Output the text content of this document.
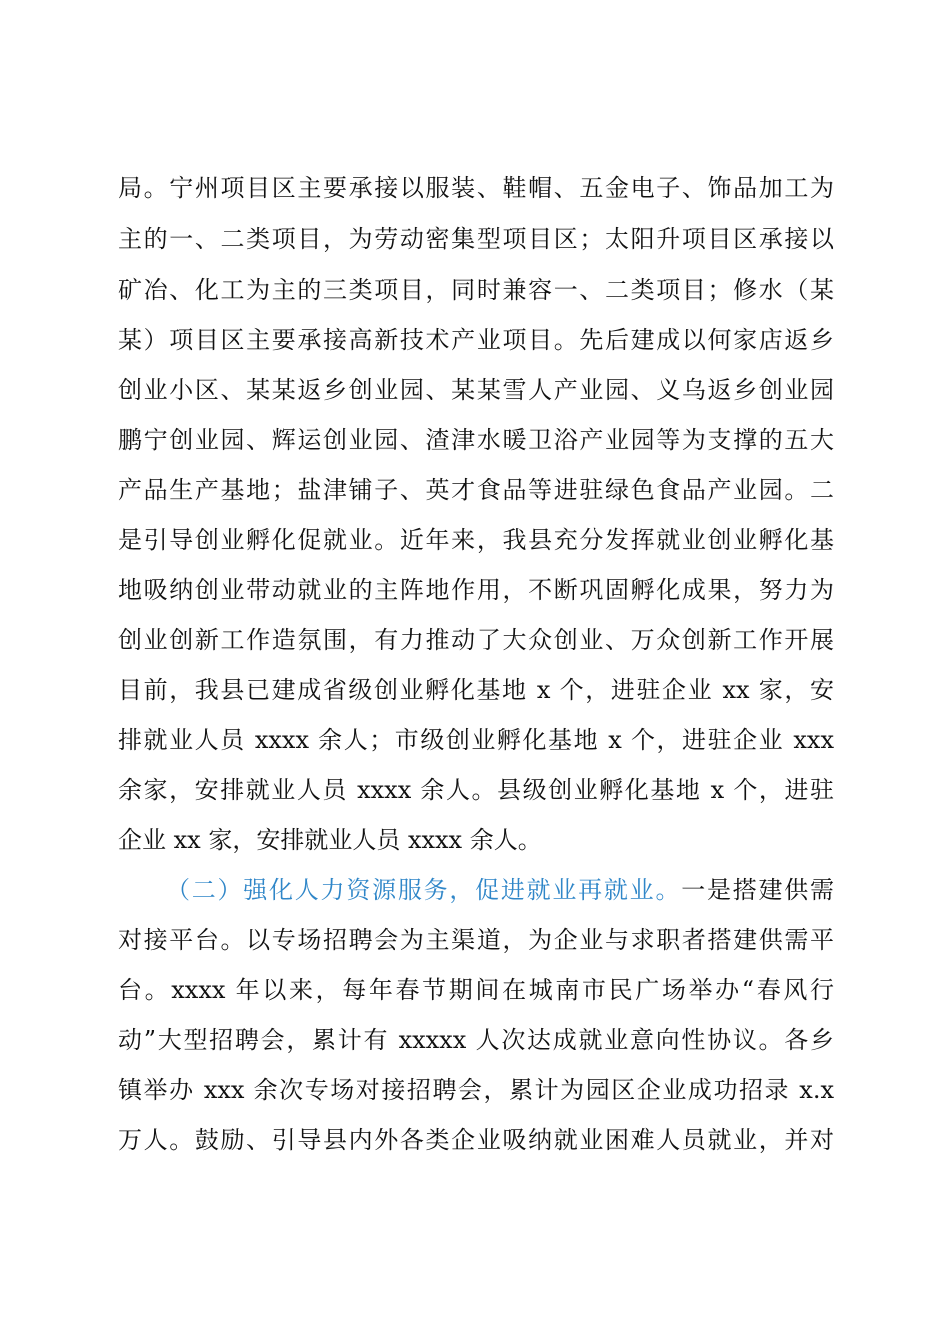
局。宁州项目区主要承接以服装、鞋帽、五金电子、饰品加工为
主的一、二类项目，为劳动密集型项目区；太阳升项目区承接以
矿冶、化工为主的三类项目，同时兼容一、二类项目；修水（某
某）项目区主要承接高新技术产业项目。先后建成以何家店返乡
创业小区、某某返乡创业园、某某雪人产业园、义乌返乡创业园
鹏宁创业园、辉运创业园、渣津水暖卫浴产业园等为支撑的五大
产品生产基地；盐津铺子、英才食品等进驻绿色食品产业园。二
是引导创业孵化促就业。近年来，我县充分发挥就业创业孵化基
地吸纳创业带动就业的主阵地作用，不断巩固孵化成果，努力为
创业创新工作造氛围，有力推动了大众创业、万众创新工作开展
目前，我县已建成省级创业孵化基地 x 个，进驻企业 xx 家，安
排就业人员 xxxx 余人；市级创业孵化基地 x 个，进驻企业 xxx
余家，安排就业人员 xxxx 余人。县级创业孵化基地 x 个，进驻
企业 xx 家，安排就业人员 xxxx 余人。
（二）强化人力资源服务，促进就业再就业。一是搭建供需
对接平台。以专场招聘会为主渠道，为企业与求职者搭建供需平
台。xxxx 年以来，每年春节期间在城南市民广场举办“春风行
动”大型招聘会，累计有 xxxxx 人次达成就业意向性协议。各乡
镇举办 xxx 余次专场对接招聘会，累计为园区企业成功招录 x.x
万人。鼓励、引导县内外各类企业吸纳就业困难人员就业，并对
